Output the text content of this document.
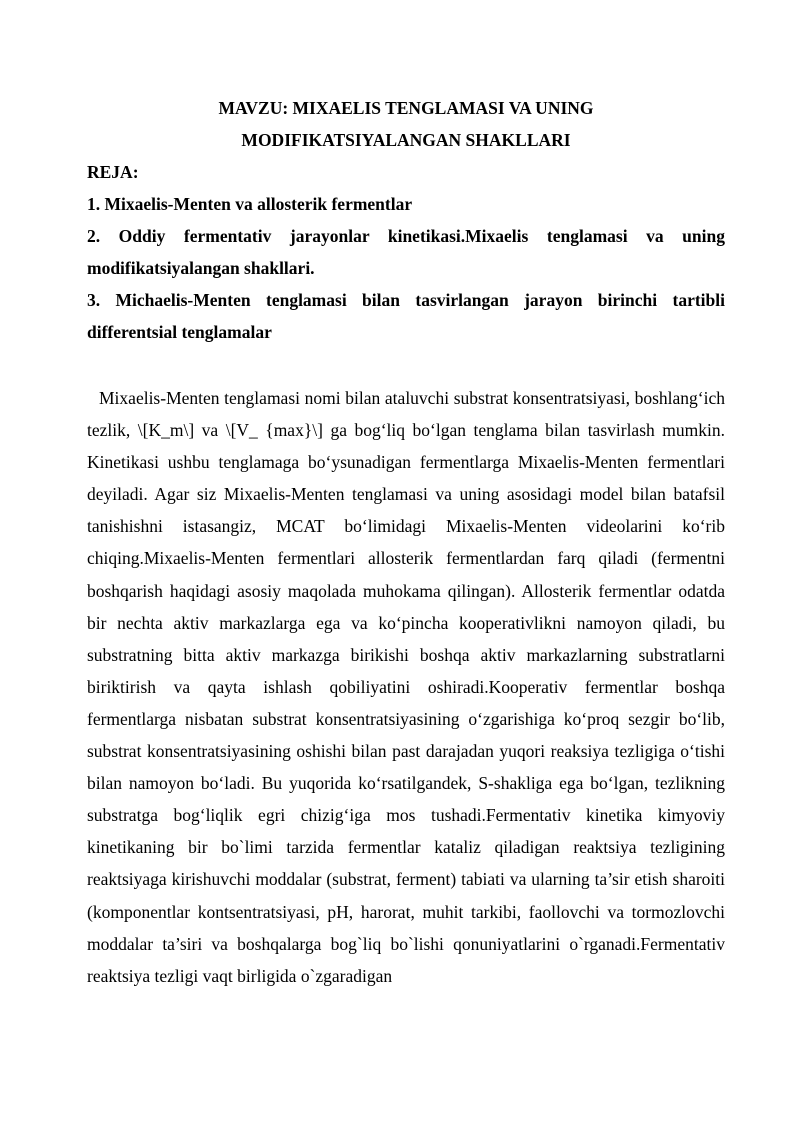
MAVZU: MIXAELIS TENGLAMASI VA UNING
MODIFIKATSIYALANGAN SHAKLLARI

REJA:

1. Mixaelis-Menten va allosterik fermentlar

2. Oddiy fermentativ jarayonlar kinetikasi.Mixaelis tenglamasi va uning modifikatsiyalangan shakllari.

3. Michaelis-Menten tenglamasi bilan tasvirlangan jarayon birinchi tartibli differentsial tenglamalar

Mixaelis-Menten tenglamasi nomi bilan ataluvchi substrat konsentratsiyasi, boshlang‘ich tezlik, \[K_m\] va \[V_ {max}\] ga bog‘liq bo‘lgan tenglama bilan tasvirlash mumkin. Kinetikasi ushbu tenglamaga bo‘ysunadigan fermentlarga Mixaelis-Menten fermentlari deyiladi. Agar siz Mixaelis-Menten tenglamasi va uning asosidagi model bilan batafsil tanishishni istasangiz, MCAT bo‘limidagi Mixaelis-Menten videolarini ko‘rib chiqing.Mixaelis-Menten fermentlari allosterik fermentlardan farq qiladi (fermentni boshqarish haqidagi asosiy maqolada muhokama qilingan). Allosterik fermentlar odatda bir nechta aktiv markazlarga ega va ko‘pincha kooperativlikni namoyon qiladi, bu substratning bitta aktiv markazga birikishi boshqa aktiv markazlarning substratlarni biriktirish va qayta ishlash qobiliyatini oshiradi.Kooperativ fermentlar boshqa fermentlarga nisbatan substrat konsentratsiyasining o‘zgarishiga ko‘proq sezgir bo‘lib, substrat konsentratsiyasining oshishi bilan past darajadan yuqori reaksiya tezligiga o‘tishi bilan namoyon bo‘ladi. Bu yuqorida ko‘rsatilgandek, S-shakliga ega bo‘lgan, tezlikning substratga bog‘liqlik egri chizig‘iga mos tushadi.Fermentativ kinetika kimyoviy kinetikaning bir bo`limi tarzida fermentlar kataliz qiladigan reaktsiya tezligining reaktsiyaga kirishuvchi moddalar (substrat, ferment) tabiati va ularning ta’sir etish sharoiti (komponentlar kontsentratsiyasi, pH, harorat, muhit tarkibi, faollovchi va tormozlovchi moddalar ta’siri va boshqalarga bog`liq bo`lishi qonuniyatlarini o`rganadi.Fermentativ reaktsiya tezligi vaqt birligida o`zgaradigan
